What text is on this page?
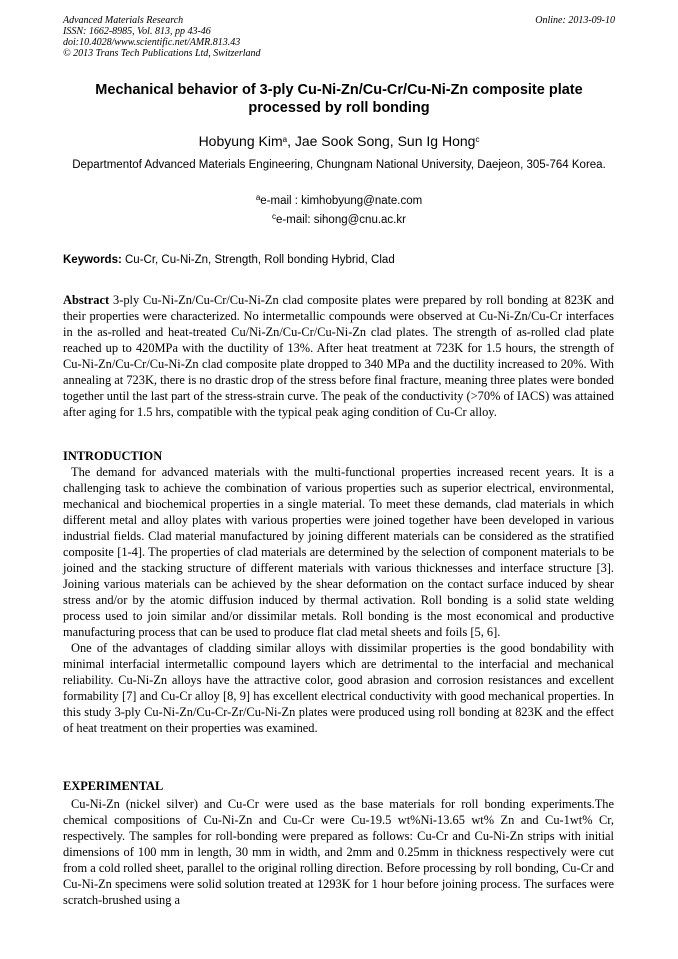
Advanced Materials Research
ISSN: 1662-8985, Vol. 813, pp 43-46
doi:10.4028/www.scientific.net/AMR.813.43
© 2013 Trans Tech Publications Ltd, Switzerland
Online: 2013-09-10
Mechanical behavior of 3-ply Cu-Ni-Zn/Cu-Cr/Cu-Ni-Zn composite plate processed by roll bonding
Hobyung Kim$^a$, Jae Sook Song, Sun Ig Hong$^c$
Departmentof Advanced Materials Engineering, Chungnam National University, Daejeon, 305-764 Korea.
$^a$e-mail : kimhobyung@nate.com
$^c$e-mail: sihong@cnu.ac.kr
Keywords: Cu-Cr, Cu-Ni-Zn, Strength, Roll bonding Hybrid, Clad
Abstract 3-ply Cu-Ni-Zn/Cu-Cr/Cu-Ni-Zn clad composite plates were prepared by roll bonding at 823K and their properties were characterized. No intermetallic compounds were observed at Cu-Ni-Zn/Cu-Cr interfaces in the as-rolled and heat-treated Cu/Ni-Zn/Cu-Cr/Cu-Ni-Zn clad plates. The strength of as-rolled clad plate reached up to 420MPa with the ductility of 13%. After heat treatment at 723K for 1.5 hours, the strength of Cu-Ni-Zn/Cu-Cr/Cu-Ni-Zn clad composite plate dropped to 340 MPa and the ductility increased to 20%. With annealing at 723K, there is no drastic drop of the stress before final fracture, meaning three plates were bonded together until the last part of the stress-strain curve. The peak of the conductivity (>70% of IACS) was attained after aging for 1.5 hrs, compatible with the typical peak aging condition of Cu-Cr alloy.
INTRODUCTION

The demand for advanced materials with the multi-functional properties increased recent years. It is a challenging task to achieve the combination of various properties such as superior electrical, environmental, mechanical and biochemical properties in a single material. To meet these demands, clad materials in which different metal and alloy plates with various properties were joined together have been developed in various industrial fields. Clad material manufactured by joining different materials can be considered as the stratified composite [1-4]. The properties of clad materials are determined by the selection of component materials to be joined and the stacking structure of different materials with various thicknesses and interface structure [3]. Joining various materials can be achieved by the shear deformation on the contact surface induced by shear stress and/or by the atomic diffusion induced by thermal activation. Roll bonding is a solid state welding process used to join similar and/or dissimilar metals. Roll bonding is the most economical and productive manufacturing process that can be used to produce flat clad metal sheets and foils [5, 6].

One of the advantages of cladding similar alloys with dissimilar properties is the good bondability with minimal interfacial intermetallic compound layers which are detrimental to the interfacial and mechanical reliability. Cu-Ni-Zn alloys have the attractive color, good abrasion and corrosion resistances and excellent formability [7] and Cu-Cr alloy [8, 9] has excellent electrical conductivity with good mechanical properties. In this study 3-ply Cu-Ni-Zn/Cu-Cr-Zr/Cu-Ni-Zn plates were produced using roll bonding at 823K and the effect of heat treatment on their properties was examined.

EXPERIMENTAL

Cu-Ni-Zn (nickel silver) and Cu-Cr were used as the base materials for roll bonding experiments.The chemical compositions of Cu-Ni-Zn and Cu-Cr were Cu-19.5 wt%Ni-13.65 wt% Zn and Cu-1wt% Cr, respectively. The samples for roll-bonding were prepared as follows: Cu-Cr and Cu-Ni-Zn strips with initial dimensions of 100 mm in length, 30 mm in width, and 2mm and 0.25mm in thickness respectively were cut from a cold rolled sheet, parallel to the original rolling direction. Before processing by roll bonding, Cu-Cr and Cu-Ni-Zn specimens were solid solution treated at 1293K for 1 hour before joining process. The surfaces were scratch-brushed using a
